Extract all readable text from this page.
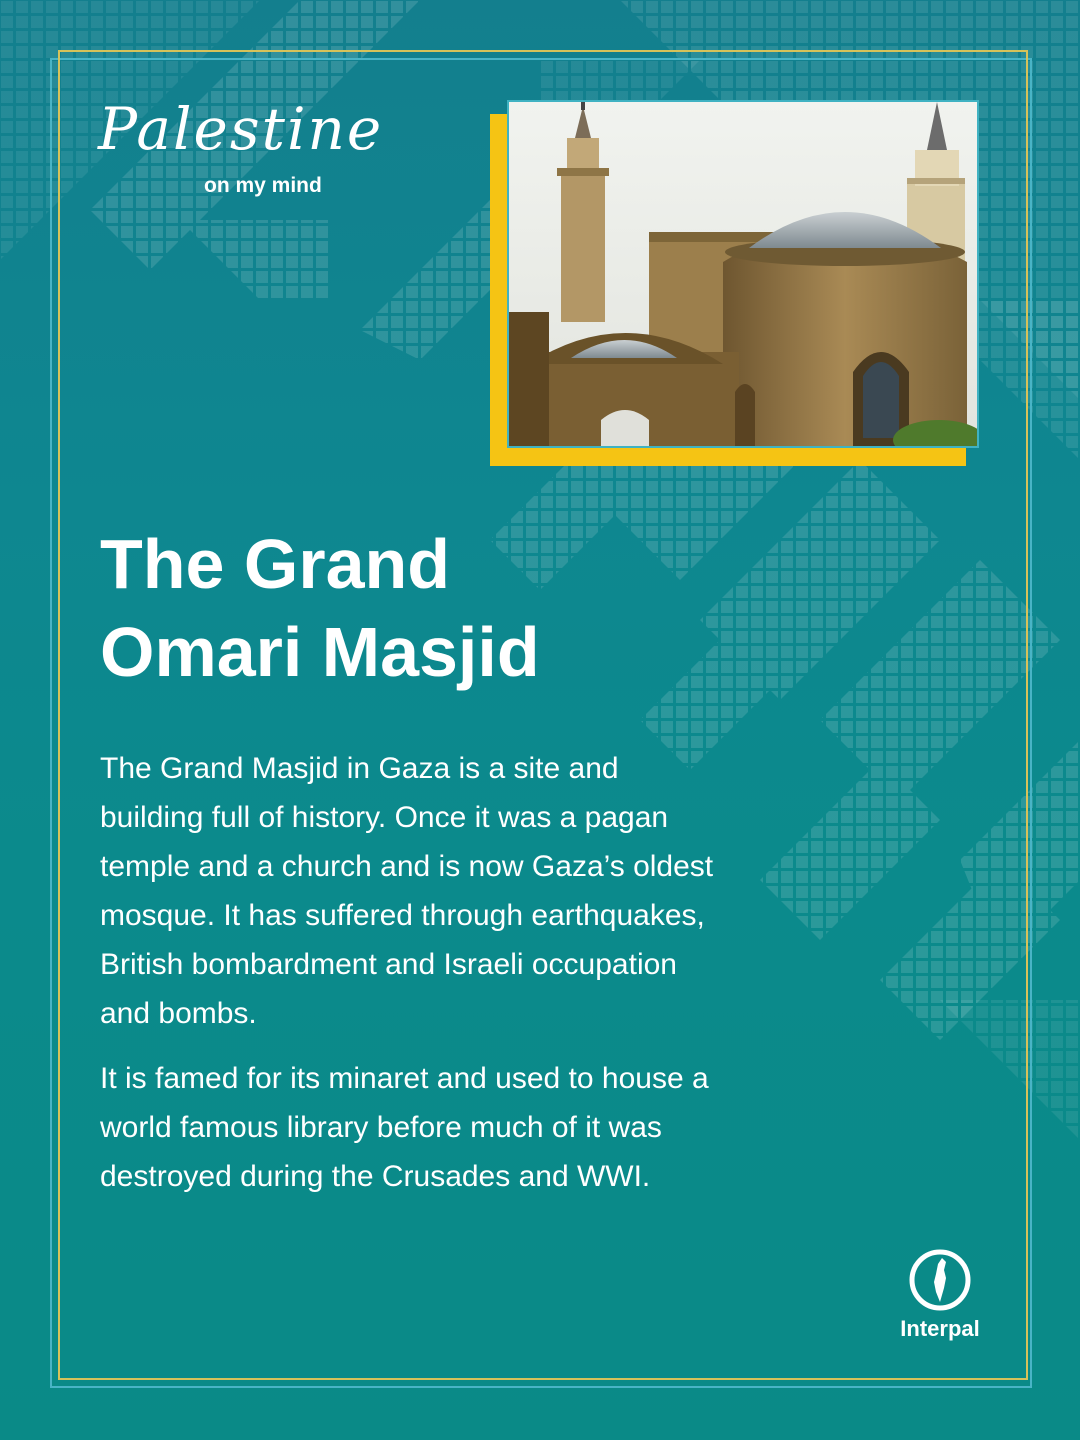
Palestine
on my mind
The Grand
Omari Masjid

The Grand Masjid in Gaza is a site and building full of history. Once it was a pagan temple and a church and is now Gaza’s oldest mosque. It has suffered through earthquakes, British bombardment and Israeli occupation and bombs.

It is famed for its minaret and used to house a world famous library before much of it was destroyed during the Crusades and WWI.

Interpal
